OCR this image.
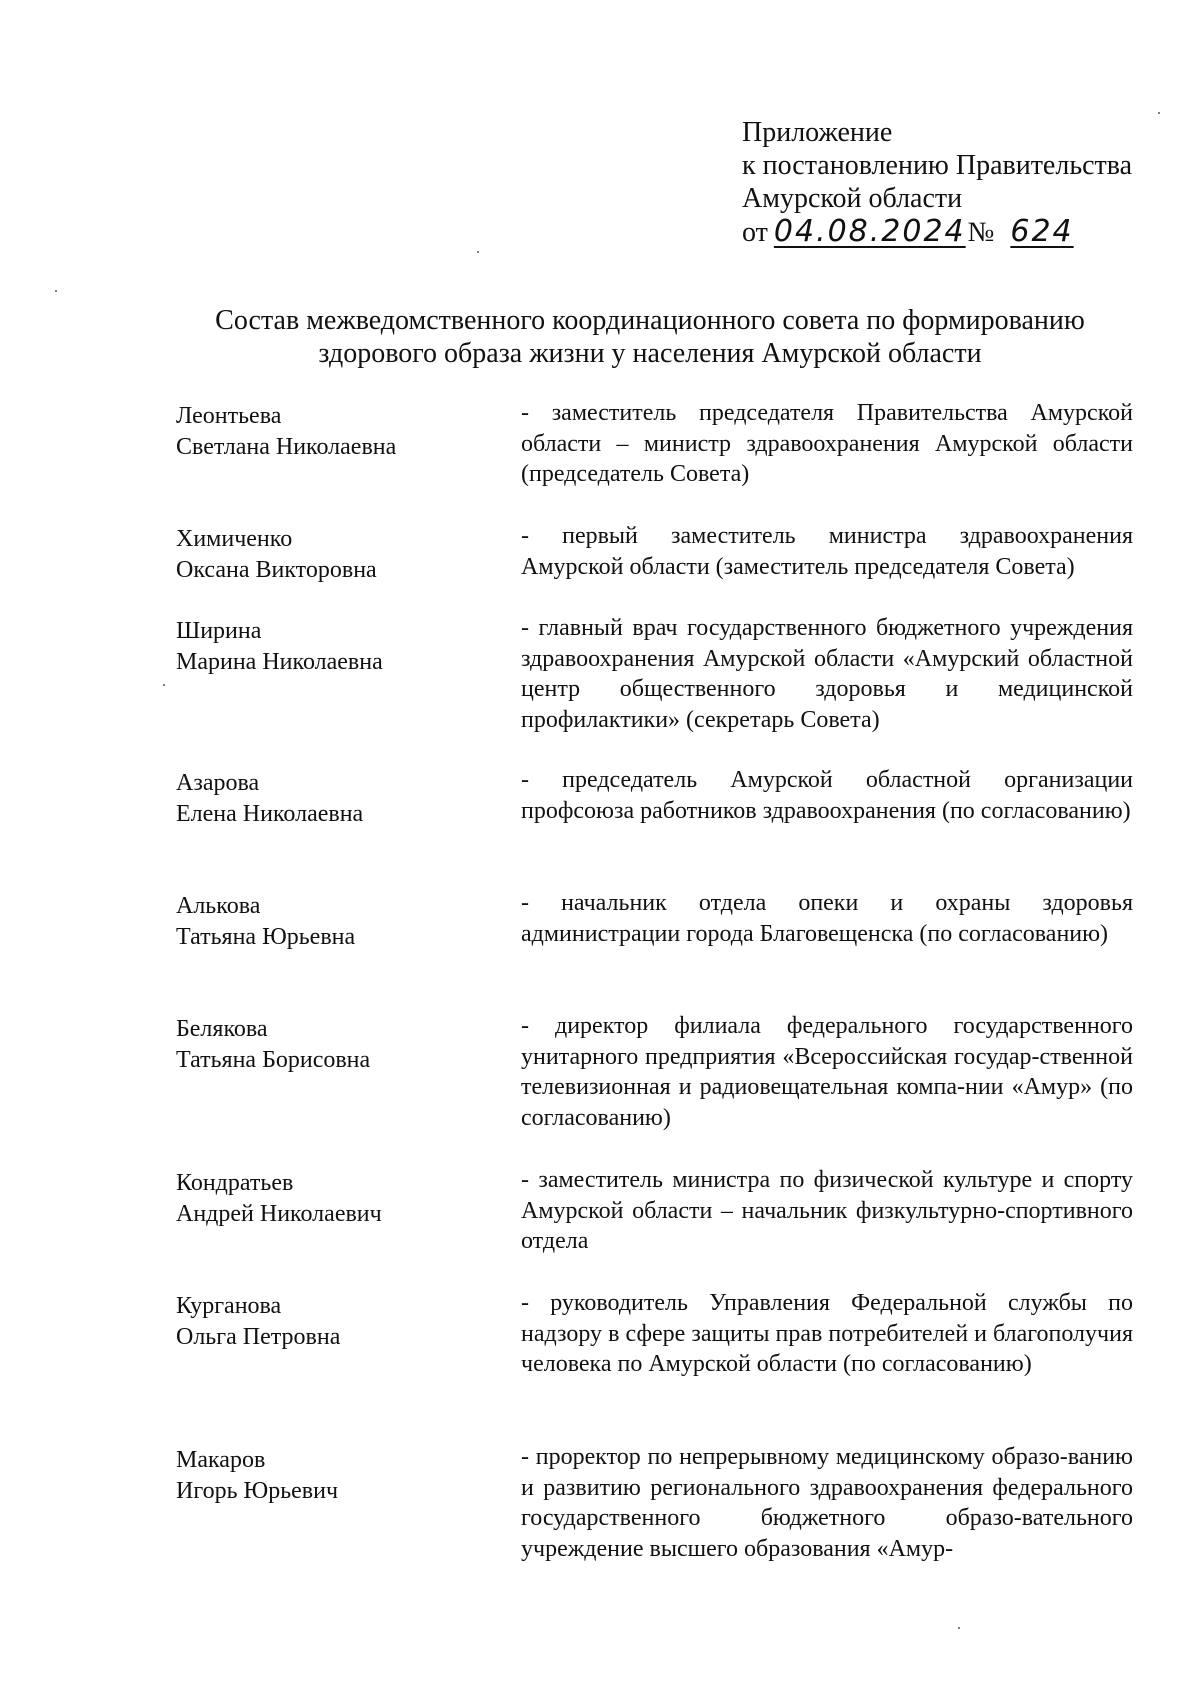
Приложение
к постановлению Правительства
Амурской области
от 04.08.2024№ 624
Состав межведомственного координационного совета по формированию
здорового образа жизни у населения Амурской области
Леонтьева
Светлана Николаевна
- заместитель председателя Правительства Амурской области – министр здравоохранения Амурской области (председатель Совета)
Химиченко
Оксана Викторовна
- первый заместитель министра здравоохранения Амурской области (заместитель председателя Совета)
Ширина
Марина Николаевна
- главный врач государственного бюджетного учреждения здравоохранения Амурской области «Амурский областной центр общественного здоровья и медицинской профилактики» (секретарь Совета)
Азарова
Елена Николаевна
- председатель Амурской областной организации профсоюза работников здравоохранения (по согласованию)
Алькова
Татьяна Юрьевна
- начальник отдела опеки и охраны здоровья администрации города Благовещенска (по согласованию)
Белякова
Татьяна Борисовна
- директор филиала федерального государственного унитарного предприятия «Всероссийская государ-ственной телевизионная и радиовещательная компа-нии «Амур» (по согласованию)
Кондратьев
Андрей Николаевич
- заместитель министра по физической культуре и спорту Амурской области – начальник физкультурно-спортивного отдела
Курганова
Ольга Петровна
- руководитель Управления Федеральной службы по надзору в сфере защиты прав потребителей и благополучия человека по Амурской области (по согласованию)
Макаров
Игорь Юрьевич
- проректор по непрерывному медицинскому образо-ванию и развитию регионального здравоохранения федерального государственного бюджетного образо-вательного учреждение высшего образования «Амур-
